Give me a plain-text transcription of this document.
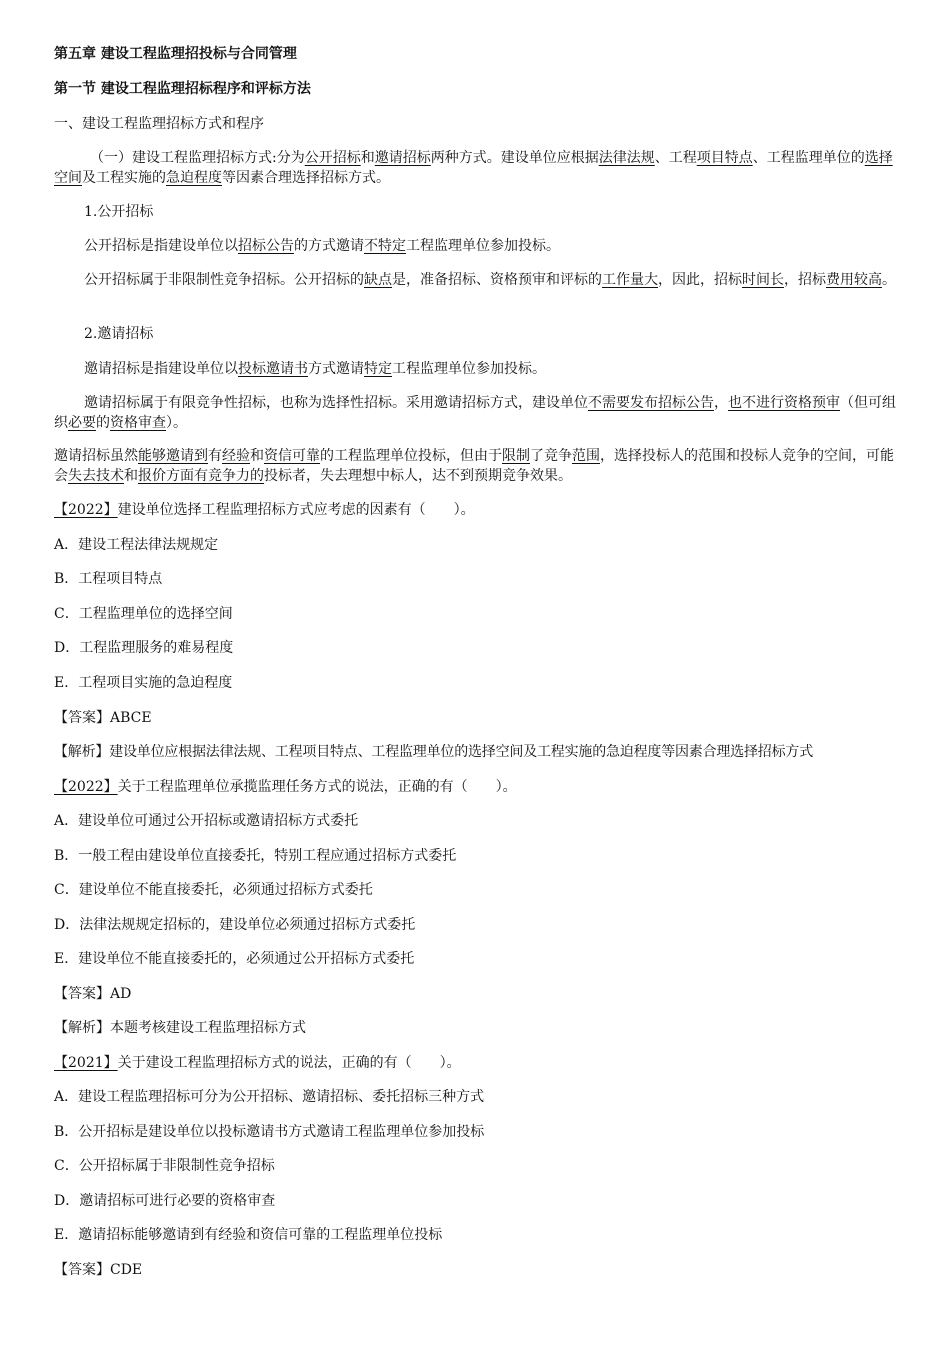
第五章 建设工程监理招投标与合同管理
第一节 建设工程监理招标程序和评标方法
一、建设工程监理招标方式和程序
（一）建设工程监理招标方式:分为公开招标和邀请招标两种方式。建设单位应根据法律法规、工程项目特点、工程监理单位的选择空间及工程实施的急迫程度等因素合理选择招标方式。
1.公开招标
公开招标是指建设单位以招标公告的方式邀请不特定工程监理单位参加投标。
公开招标属于非限制性竞争招标。公开招标的缺点是，准备招标、资格预审和评标的工作量大，因此，招标时间长，招标费用较高。
2.邀请招标
邀请招标是指建设单位以投标邀请书方式邀请特定工程监理单位参加投标。
邀请招标属于有限竞争性招标，也称为选择性招标。采用邀请招标方式，建设单位不需要发布招标公告，也不进行资格预审（但可组织必要的资格审查）。
邀请招标虽然能够邀请到有经验和资信可靠的工程监理单位投标，但由于限制了竞争范围，选择投标人的范围和投标人竞争的空间，可能会失去技术和报价方面有竞争力的投标者，失去理想中标人，达不到预期竞争效果。
【2022】建设单位选择工程监理招标方式应考虑的因素有（　　）。
A．建设工程法律法规规定
B．工程项目特点
C．工程监理单位的选择空间
D．工程监理服务的难易程度
E．工程项目实施的急迫程度
【答案】ABCE
【解析】建设单位应根据法律法规、工程项目特点、工程监理单位的选择空间及工程实施的急迫程度等因素合理选择招标方式
【2022】关于工程监理单位承揽监理任务方式的说法，正确的有（　　）。
A．建设单位可通过公开招标或邀请招标方式委托
B．一般工程由建设单位直接委托，特别工程应通过招标方式委托
C．建设单位不能直接委托，必须通过招标方式委托
D．法律法规规定招标的，建设单位必须通过招标方式委托
E．建设单位不能直接委托的，必须通过公开招标方式委托
【答案】AD
【解析】本题考核建设工程监理招标方式
【2021】关于建设工程监理招标方式的说法，正确的有（　　）。
A．建设工程监理招标可分为公开招标、邀请招标、委托招标三种方式
B．公开招标是建设单位以投标邀请书方式邀请工程监理单位参加投标
C．公开招标属于非限制性竞争招标
D．邀请招标可进行必要的资格审查
E．邀请招标能够邀请到有经验和资信可靠的工程监理单位投标
【答案】CDE
